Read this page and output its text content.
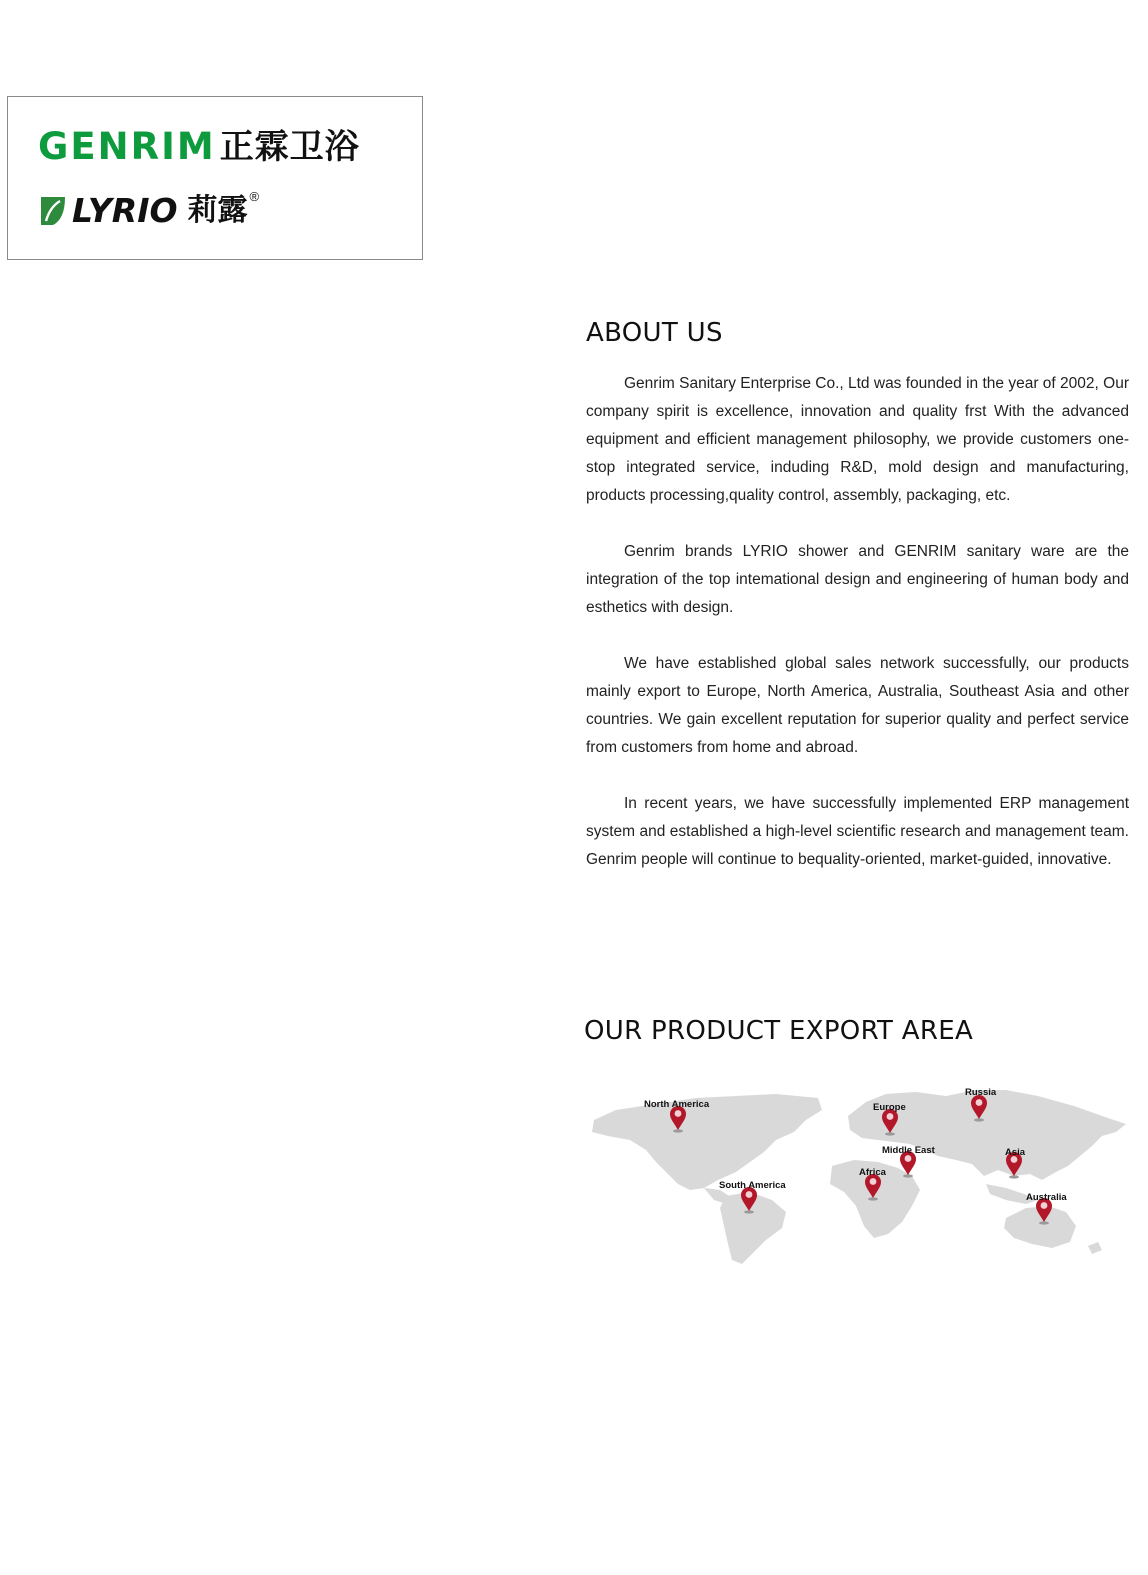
GENRIM 正霖卫浴
LYRIO 莉露 ®
ABOUT US

Genrim Sanitary Enterprise Co., Ltd was founded in the year of 2002, Our company spirit is excellence, innovation and quality frst With the advanced equipment and efficient management philosophy, we provide customers one-stop integrated service, induding R&D, mold design and manufacturing, products processing,quality control, assembly, packaging, etc.

Genrim brands LYRIO shower and GENRIM sanitary ware are the integration of the top intemational design and engineering of human body and esthetics with design.

We have established global sales network successfully, our products mainly export to Europe, North America, Australia, Southeast Asia and other countries. We gain excellent reputation for superior quality and perfect service from customers from home and abroad.

In recent years, we have successfully implemented ERP management system and established a high-level scientific research and management team. Genrim people will continue to bequality-oriented, market-guided, innovative.

OUR PRODUCT EXPORT AREA
North America
South America
Europe
Russia
Middle East
Africa
Asia
Australia
